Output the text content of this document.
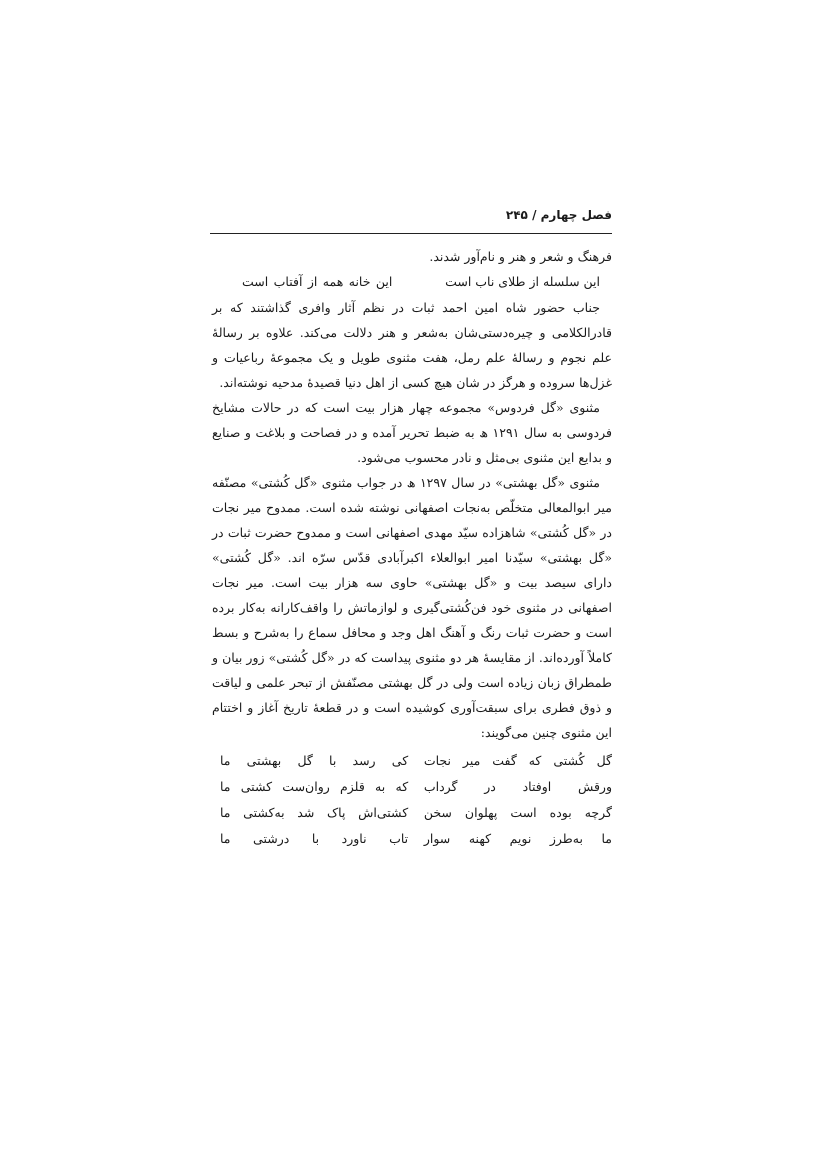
فصل چهارم / ۲۴۵

فرهنگ و شعر و هنر و نام‌آور شدند.

این سلسله از طلای ناب است
این خانه همه از آفتاب است

جناب حضور شاه امین احمد ثبات در نظم آثار وافری گذاشتند که بر قادرالکلامی و چیره‌دستی‌شان به‌شعر و هنر دلالت می‌کند. علاوه بر رسالهٔ علم نجوم و رسالهٔ علم رمل، هفت مثنوی طویل و یک مجموعهٔ رباعیات و غزل‌ها سروده و هرگز در شان هیچ کسی از اهل دنیا قصیدهٔ مدحیه نوشته‌اند.

مثنوی «گل فردوس» مجموعه چهار هزار بیت است که در حالات مشایخ فردوسی به سال ۱۲۹۱ ھ به ضبط تحریر آمده و در فصاحت و بلاغت و صنایع و بدایع این مثنوی بی‌مثل و نادر محسوب می‌شود.

مثنوی «گل بهشتی» در سال ۱۲۹۷ ھ در جواب مثنوی «گل کُشتی» مصنّفه میر ابوالمعالی متخلّص به‌نجات اصفهانی نوشته شده است. ممدوح میر نجات در «گل کُشتی» شاهزاده سیّد مهدی اصفهانی است و ممدوح حضرت ثبات در «گل بهشتی» سیّدنا امیر ابوالعلاء اکبرآبادی قدّس سرّه اند. «گل کُشتی» دارای سیصد بیت و «گل بهشتی» حاوی سه هزار بیت است. میر نجات اصفهانی در مثنوی خود فن‌کُشتی‌گیری و لوازماتش را واقف‌کارانه به‌کار برده است و حضرت ثبات رنگ و آهنگ اهل وجد و محافل سماع را به‌شرح و بسط کاملاً آورده‌اند. از مقایسهٔ هر دو مثنوی پیداست که در «گل کُشتی» زور بیان و طمطراق زبان زیاده است ولی در گل بهشتی مصنّفش از تبحر علمی و لیاقت و ذوق فطری برای سبقت‌آوری کوشیده است و در قطعهٔ تاریخ آغاز و اختتام این مثنوی چنین می‌گویند:

گل کُشتی که گفت میر نجات
کی رسد با گل بهشتی ما
ورقش اوفتاد در گرداب
که به قلزم روان‌ست کشتی ما
گرچه بوده است پهلوان سخن
کشتی‌اش پاک شد به‌کشتی ما
ما به‌طرز نویم کهنه سوار
تاب ناورد با درشتی ما
